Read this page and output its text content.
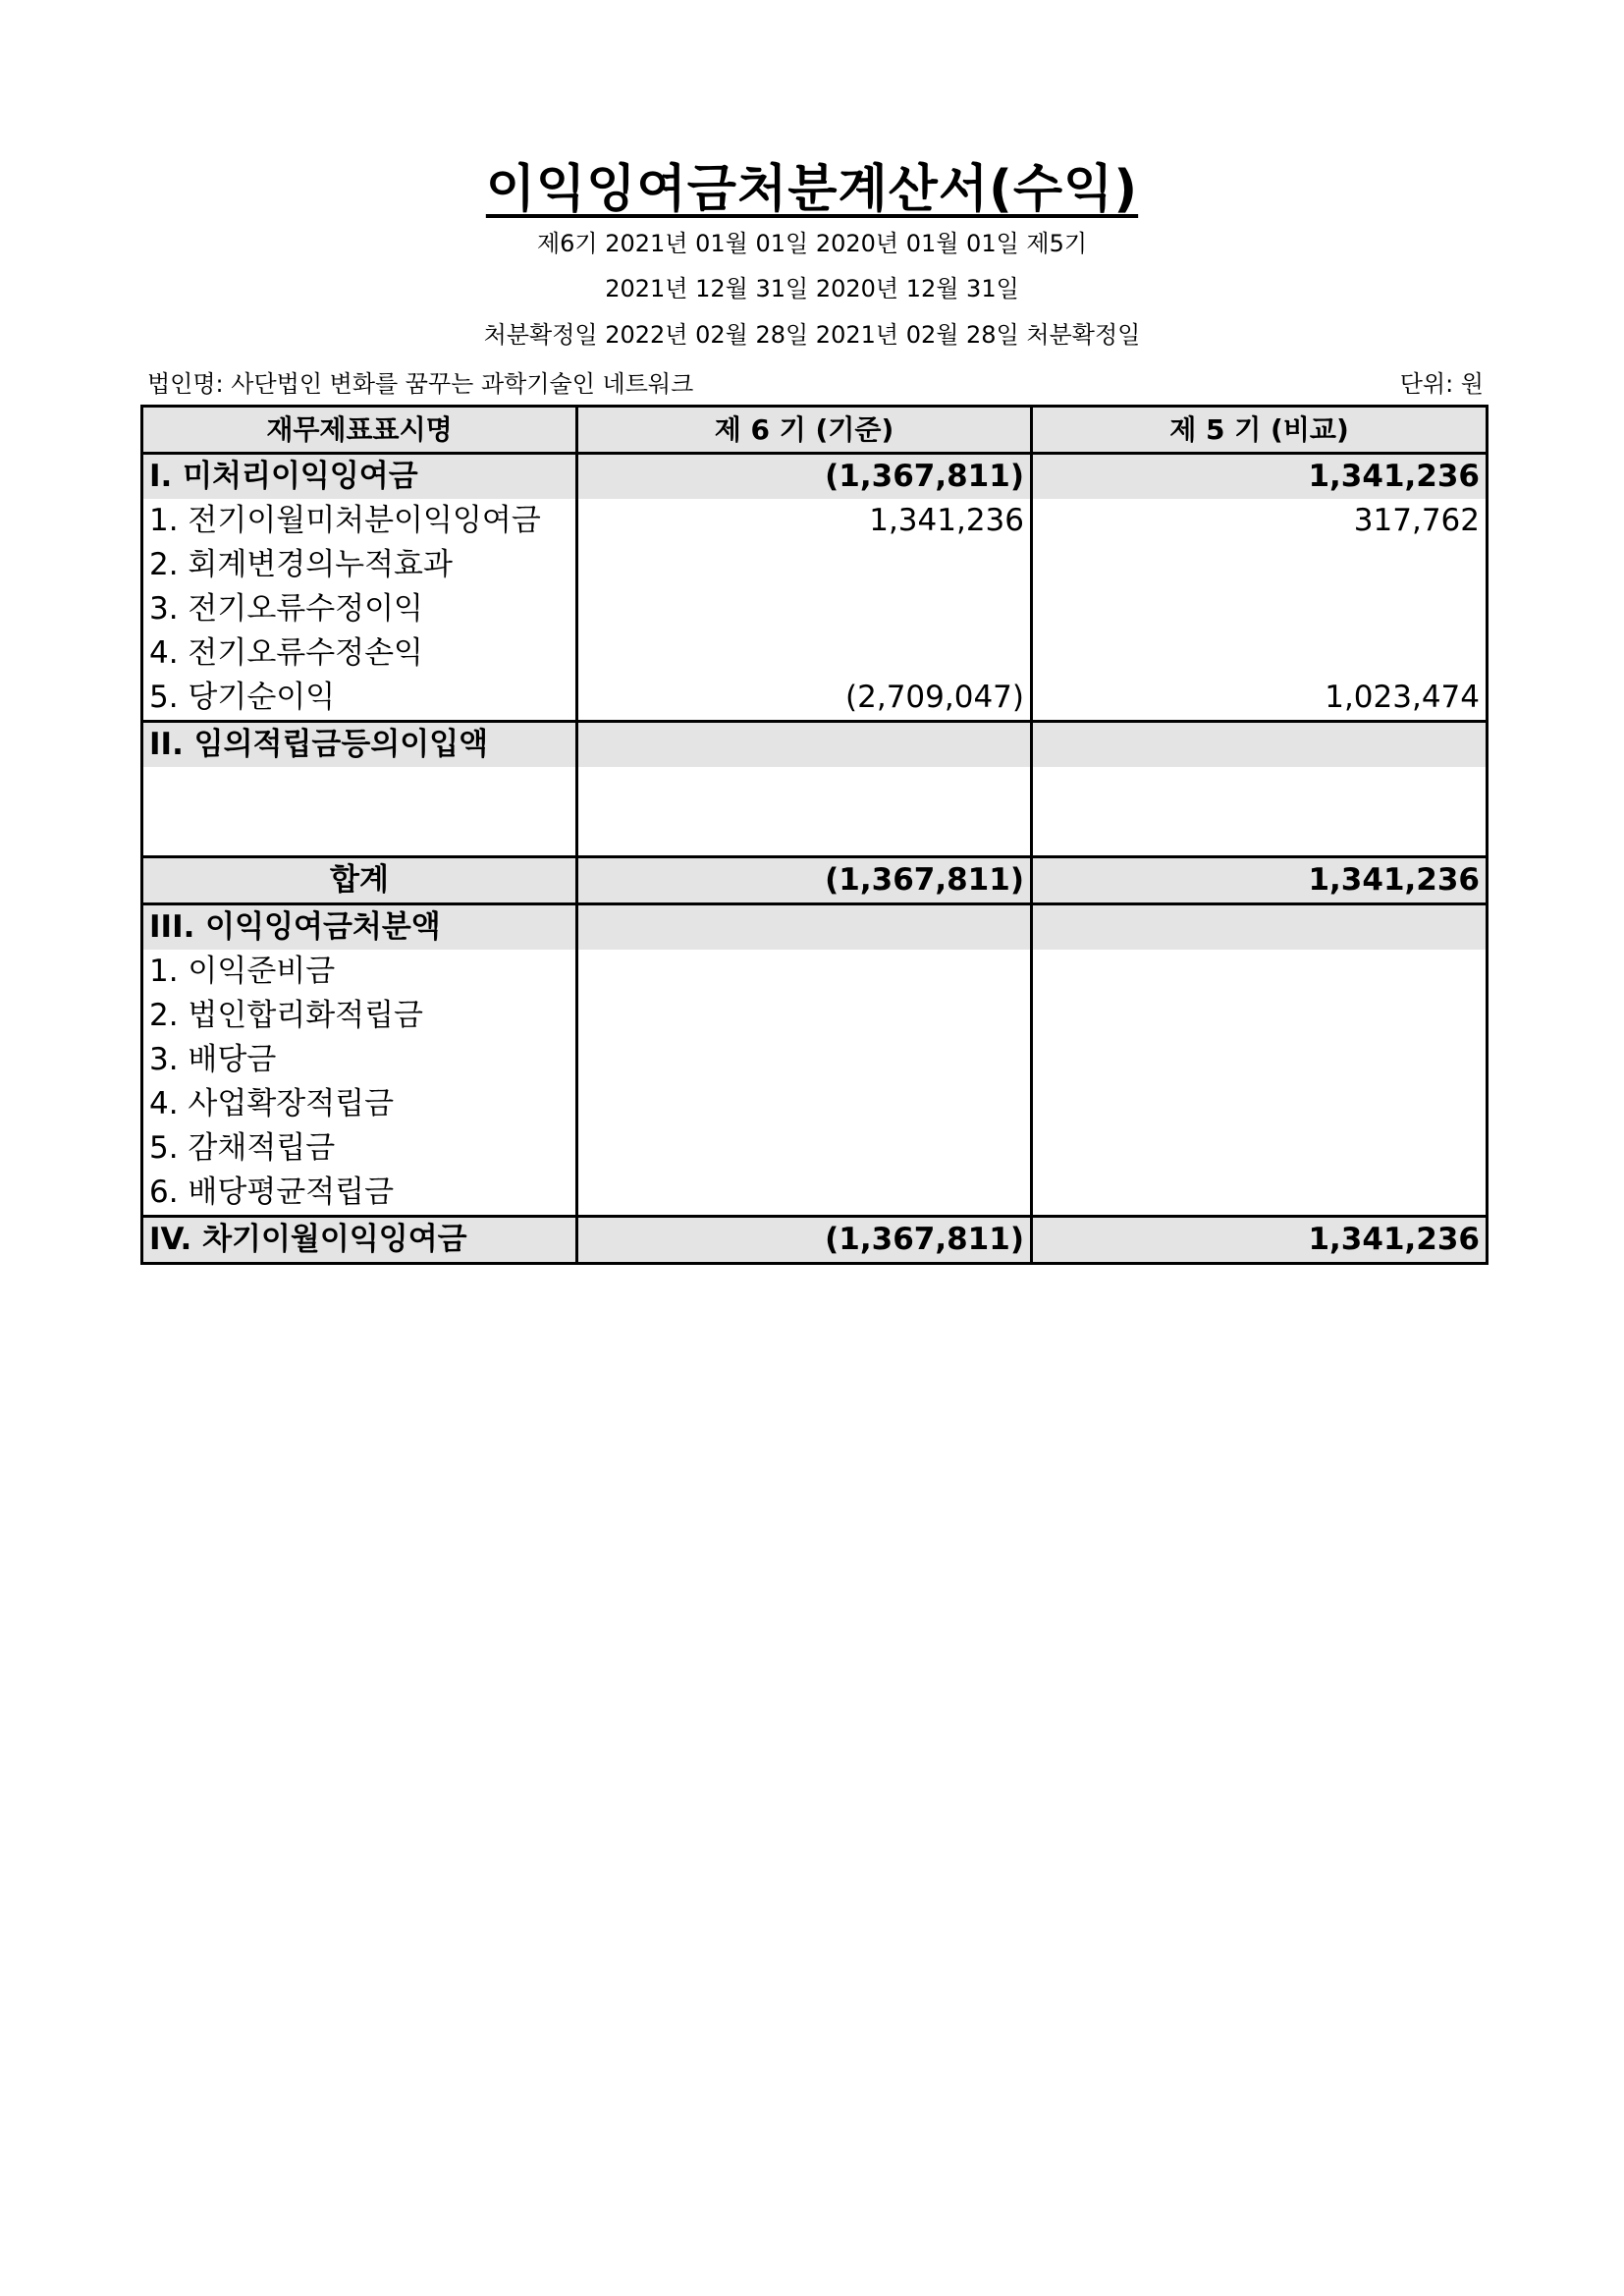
이익잉여금처분계산서(수익)
제6기 2021년 01월 01일 2020년 01월 01일 제5기
2021년 12월 31일 2020년 12월 31일
처분확정일 2022년 02월 28일 2021년 02월 28일 처분확정일
법인명: 사단법인 변화를 꿈꾸는 과학기술인 네트워크	단위: 원
재무제표표시명	제 6 기 (기준)	제 5 기 (비교)
I. 미처리이익잉여금	(1,367,811)	1,341,236
1. 전기이월미처분이익잉여금	1,341,236	317,762
2. 회계변경의누적효과		
3. 전기오류수정이익		
4. 전기오류수정손익		
5. 당기순이익	(2,709,047)	1,023,474
II. 임의적립금등의이입액		

합계	(1,367,811)	1,341,236
III. 이익잉여금처분액		
1. 이익준비금		
2. 법인합리화적립금		
3. 배당금		
4. 사업확장적립금		
5. 감채적립금		
6. 배당평균적립금		
IV. 차기이월이익잉여금	(1,367,811)	1,341,236
